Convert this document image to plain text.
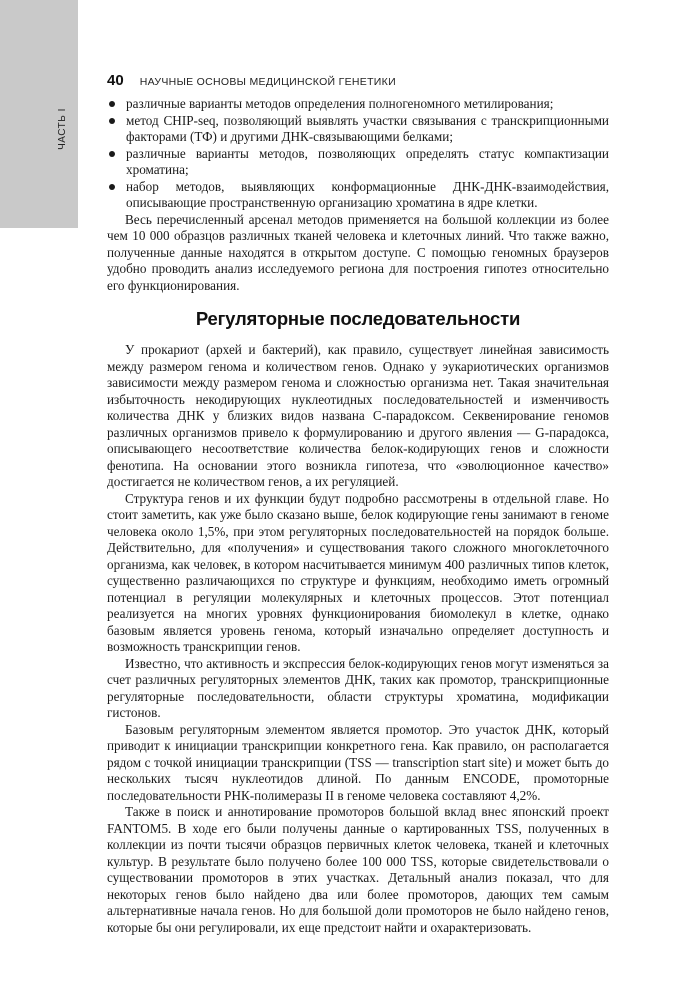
ЧАСТЬ I
40 НАУЧНЫЕ ОСНОВЫ МЕДИЦИНСКОЙ ГЕНЕТИКИ
различные варианты методов определения полногеномного метилирования;
метод CHIP-seq, позволяющий выявлять участки связывания с транскрипционными факторами (ТФ) и другими ДНК-связывающими белками;
различные варианты методов, позволяющих определять статус компактизации хроматина;
набор методов, выявляющих конформационные ДНК-ДНК-взаимодействия, описывающие пространственную организацию хроматина в ядре клетки.

Весь перечисленный арсенал методов применяется на большой коллекции из более чем 10 000 образцов различных тканей человека и клеточных линий. Что также важно, полученные данные находятся в открытом доступе. С помощью геномных браузеров удобно проводить анализ исследуемого региона для построения гипотез относительно его функционирования.

Регуляторные последовательности

У прокариот (архей и бактерий), как правило, существует линейная зависимость между размером генома и количеством генов. Однако у эукариотических организмов зависимости между размером генома и сложностью организма нет. Такая значительная избыточность некодирующих нуклеотидных последовательностей и изменчивость количества ДНК у близких видов названа С-парадоксом. Секвенирование геномов различных организмов привело к формулированию и другого явления — G-парадокса, описывающего несоответствие количества белок-кодирующих генов и сложности фенотипа. На основании этого возникла гипотеза, что «эволюционное качество» достигается не количеством генов, а их регуляцией.

Структура генов и их функции будут подробно рассмотрены в отдельной главе. Но стоит заметить, как уже было сказано выше, белок кодирующие гены занимают в геноме человека около 1,5%, при этом регуляторных последовательностей на порядок больше. Действительно, для «получения» и существования такого сложного многоклеточного организма, как человек, в котором насчитывается минимум 400 различных типов клеток, существенно различающихся по структуре и функциям, необходимо иметь огромный потенциал в регуляции молекулярных и клеточных процессов. Этот потенциал реализуется на многих уровнях функционирования биомолекул в клетке, однако базовым является уровень генома, который изначально определяет доступность и возможность транскрипции генов.

Известно, что активность и экспрессия белок-кодирующих генов могут изменяться за счет различных регуляторных элементов ДНК, таких как промотор, транскрипционные регуляторные последовательности, области структуры хроматина, модификации гистонов.

Базовым регуляторным элементом является промотор. Это участок ДНК, который приводит к инициации транскрипции конкретного гена. Как правило, он располагается рядом с точкой инициации транскрипции (TSS — transcription start site) и может быть до нескольких тысяч нуклеотидов длиной. По данным ENCODE, промоторные последовательности РНК-полимеразы II в геноме человека составляют 4,2%.

Также в поиск и аннотирование промоторов большой вклад внес японский проект FANTOM5. В ходе его были получены данные о картированных TSS, полученных в коллекции из почти тысячи образцов первичных клеток человека, тканей и клеточных культур. В результате было получено более 100 000 TSS, которые свидетельствовали о существовании промоторов в этих участках. Детальный анализ показал, что для некоторых генов было найдено два или более промоторов, дающих тем самым альтернативные начала генов. Но для большой доли промоторов не было найдено генов, которые бы они регулировали, их еще предстоит найти и охарактеризовать.
